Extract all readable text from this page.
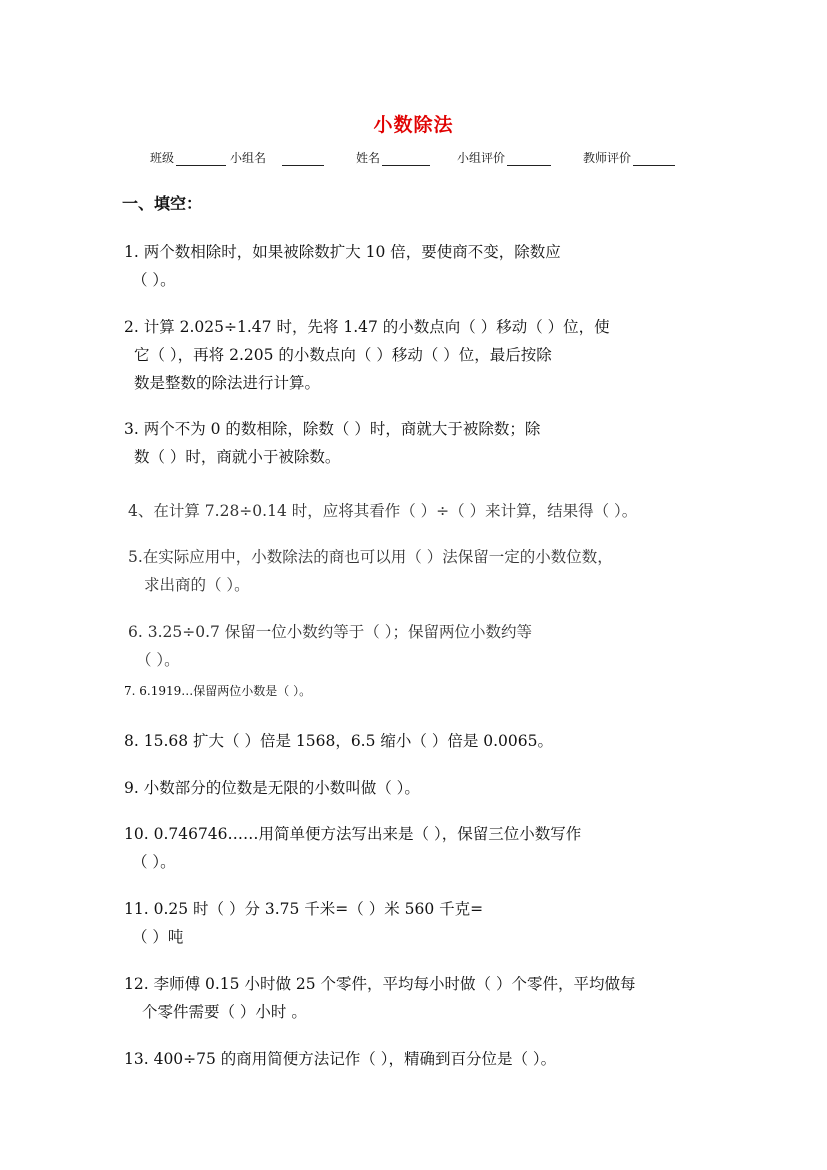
小数除法
班级	小组名	姓名	小组评价	教师评价
一、填空：
1. 两个数相除时，如果被除数扩大 10 倍，要使商不变，除数应
（ ）。
2. 计算 2.025÷1.47 时，先将 1.47 的小数点向（ ）移动（ ）位，使
它（ ），再将 2.205 的小数点向（ ）移动（ ）位，最后按除
数是整数的除法进行计算。
3. 两个不为 0 的数相除，除数（ ）时，商就大于被除数；除
数（ ）时，商就小于被除数。
4、在计算 7.28÷0.14 时，应将其看作（ ）÷（ ）来计算，结果得（ ）。
5.在实际应用中，小数除法的商也可以用（ ）法保留一定的小数位数，
求出商的（ ）。
6. 3.25÷0.7 保留一位小数约等于（ ）；保留两位小数约等
（ ）。
7. 6.1919…保留两位小数是（ ）。
8. 15.68 扩大（ ）倍是 1568，6.5 缩小（ ）倍是 0.0065。
9. 小数部分的位数是无限的小数叫做（ ）。
10. 0.746746……用简单便方法写出来是（ ），保留三位小数写作
（ ）。
11. 0.25 时（ ）分 3.75 千米=（ ）米 560 千克=
（ ）吨
12. 李师傅 0.15 小时做 25 个零件，平均每小时做（ ）个零件，平均做每
个零件需要（ ）小时 。
13. 400÷75 的商用简便方法记作（ ），精确到百分位是（ ）。
